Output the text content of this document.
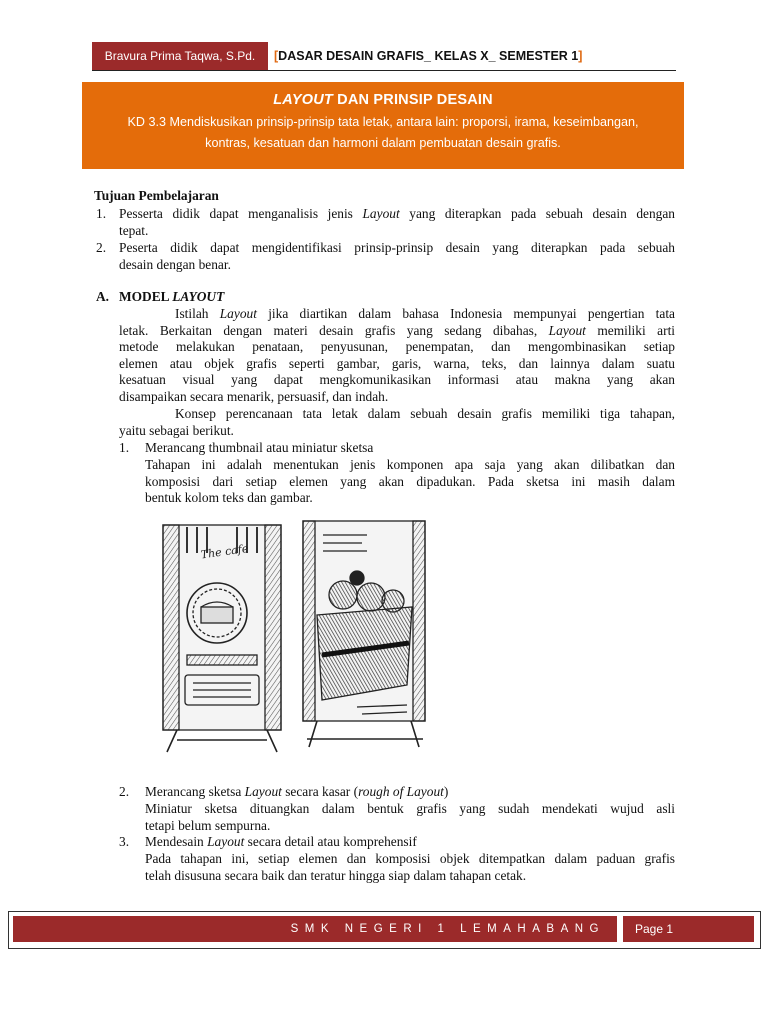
Bravura Prima Taqwa, S.Pd.	[DASAR DESAIN GRAFIS_ KELAS X_ SEMESTER 1]
LAYOUT DAN PRINSIP DESAIN
KD 3.3 Mendiskusikan prinsip-prinsip tata letak, antara lain: proporsi, irama, keseimbangan,
kontras, kesatuan dan harmoni dalam pembuatan desain grafis.
Tujuan Pembelajaran
1. Pesserta didik dapat menganalisis jenis Layout yang diterapkan pada sebuah desain dengan
tepat.
2. Peserta didik dapat mengidentifikasi prinsip-prinsip desain yang diterapkan pada sebuah
desain dengan benar.
A. MODEL LAYOUT
Istilah Layout jika diartikan dalam bahasa Indonesia mempunyai pengertian tata
letak. Berkaitan dengan materi desain grafis yang sedang dibahas, Layout memiliki arti
metode melakukan penataan, penyusunan, penempatan, dan mengombinasikan setiap
elemen atau objek grafis seperti gambar, garis, warna, teks, dan lainnya dalam suatu
kesatuan visual yang dapat mengkomunikasikan informasi atau makna yang akan
disampaikan secara menarik, persuasif, dan indah.
Konsep perencanaan tata letak dalam sebuah desain grafis memiliki tiga tahapan,
yaitu sebagai berikut.
1. Merancang thumbnail atau miniatur sketsa
Tahapan ini adalah menentukan jenis komponen apa saja yang akan dilibatkan dan
komposisi dari setiap elemen yang akan dipadukan. Pada sketsa ini masih dalam
bentuk kolom teks dan gambar.
The cafe
2. Merancang sketsa Layout secara kasar (rough of Layout)
Miniatur sketsa dituangkan dalam bentuk grafis yang sudah mendekati wujud asli
tetapi belum sempurna.
3. Mendesain Layout secara detail atau komprehensif
Pada tahapan ini, setiap elemen dan komposisi objek ditempatkan dalam paduan grafis
telah disusuna secara baik dan teratur hingga siap dalam tahapan cetak.
SMK NEGERI 1 LEMAHABANG	Page 1
